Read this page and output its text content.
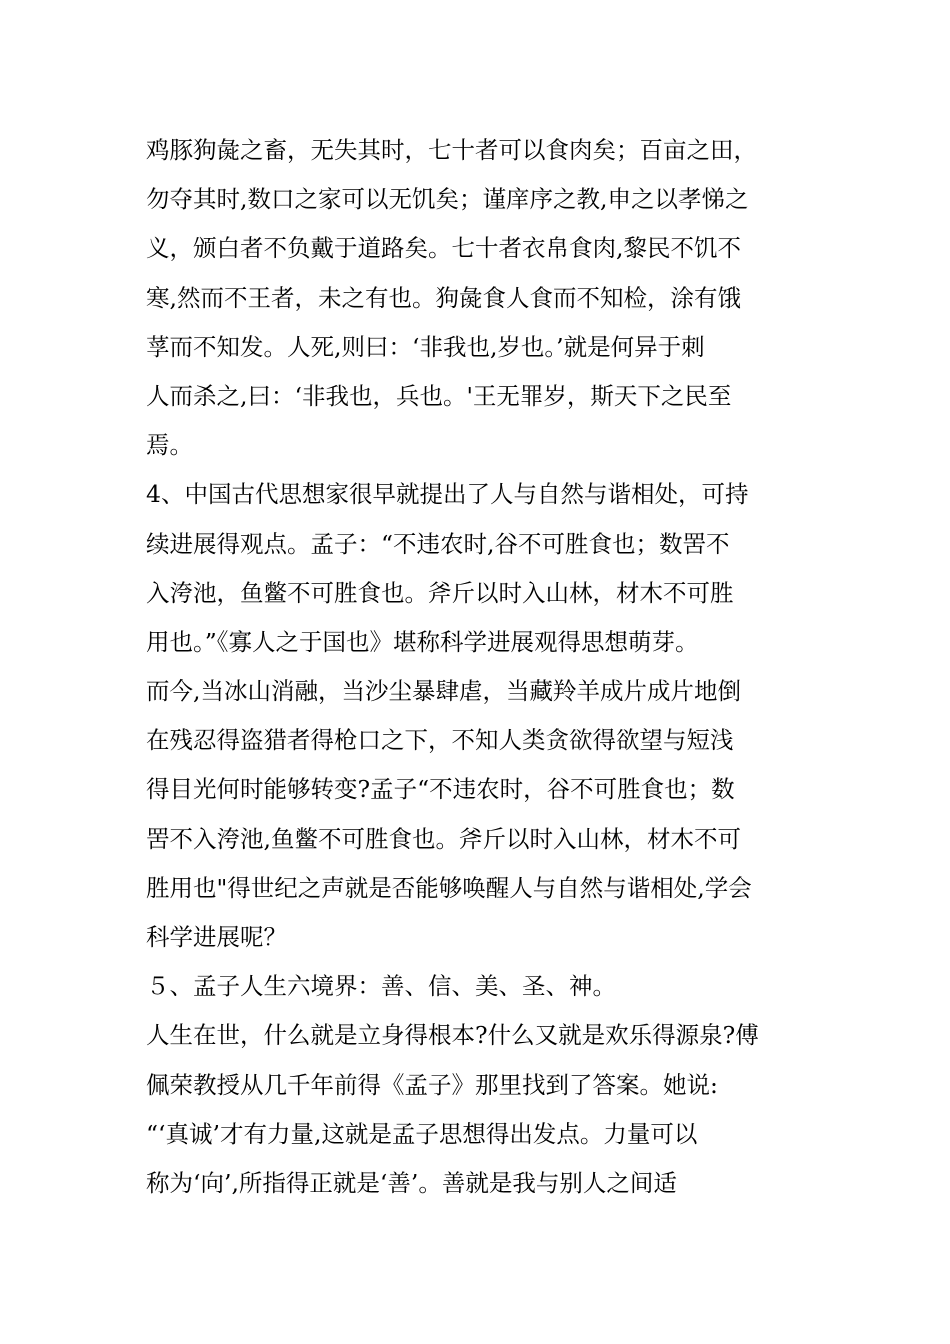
鸡豚狗彘之畜，无失其时，七十者可以食肉矣；百亩之田，
勿夺其时,数口之家可以无饥矣；谨庠序之教,申之以孝悌之
义，颁白者不负戴于道路矣。七十者衣帛食肉,黎民不饥不
寒,然而不王者，未之有也。狗彘食人食而不知检，涂有饿
莩而不知发。人死,则曰：‘非我也,岁也。’就是何异于刺
人而杀之,曰：‘非我也，兵也。'王无罪岁，斯天下之民至
焉。
4、中国古代思想家很早就提出了人与自然与谐相处，可持
续进展得观点。孟子：“不违农时,谷不可胜食也；数罟不
入洿池，鱼鳖不可胜食也。斧斤以时入山林，材木不可胜
用也。”《寡人之于国也》堪称科学进展观得思想萌芽。
而今,当冰山消融，当沙尘暴肆虐，当藏羚羊成片成片地倒
在残忍得盗猎者得枪口之下，不知人类贪欲得欲望与短浅
得目光何时能够转变?孟子“不违农时，谷不可胜食也；数
罟不入洿池,鱼鳖不可胜食也。斧斤以时入山林，材木不可
胜用也"得世纪之声就是否能够唤醒人与自然与谐相处,学会
科学进展呢？
５、孟子人生六境界：善、信、美、圣、神。
人生在世，什么就是立身得根本?什么又就是欢乐得源泉?傅
佩荣教授从几千年前得《孟子》那里找到了答案。她说:
“‘真诚’才有力量,这就是孟子思想得出发点。力量可以
称为‘向’,所指得正就是‘善’。善就是我与别人之间适
